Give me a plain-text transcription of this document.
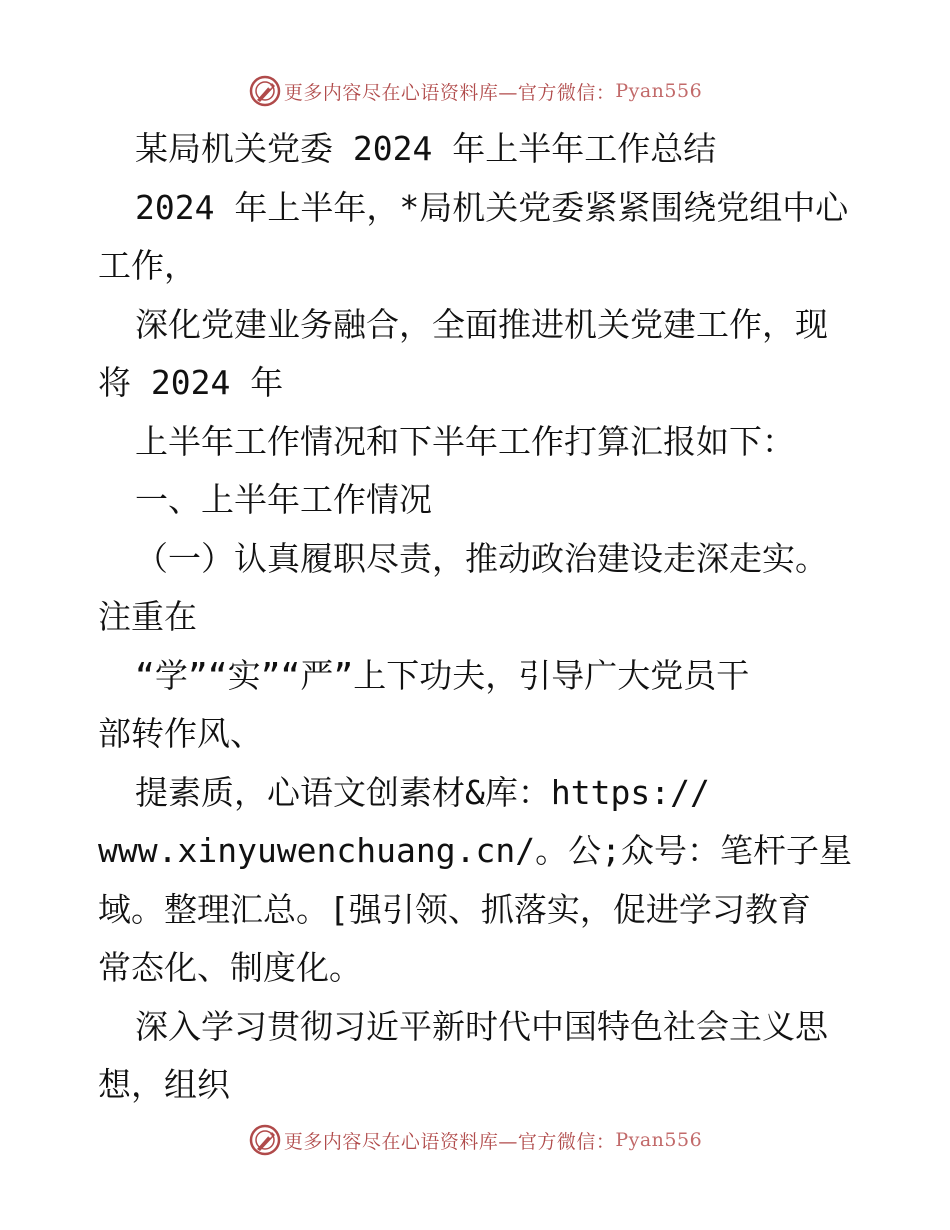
更多内容尽在心语资料库—官方微信： Pyan556

某局机关党委 2024 年上半年工作总结

2024 年上半年，*局机关党委紧紧围绕党组中心

工作，

深化党建业务融合，全面推进机关党建工作，现

将 2024 年

上半年工作情况和下半年工作打算汇报如下：

一、上半年工作情况

（一）认真履职尽责，推动政治建设走深走实。

注重在

“学”“实”“严”上下功夫，引导广大党员干

部转作风、

提素质，心语文创素材&库：https://

www.xinyuwenchuang.cn/。公;众号：笔杆子星

域。整理汇总。[强引领、抓落实，促进学习教育

常态化、制度化。

深入学习贯彻习近平新时代中国特色社会主义思

想，组织

更多内容尽在心语资料库—官方微信： Pyan556
